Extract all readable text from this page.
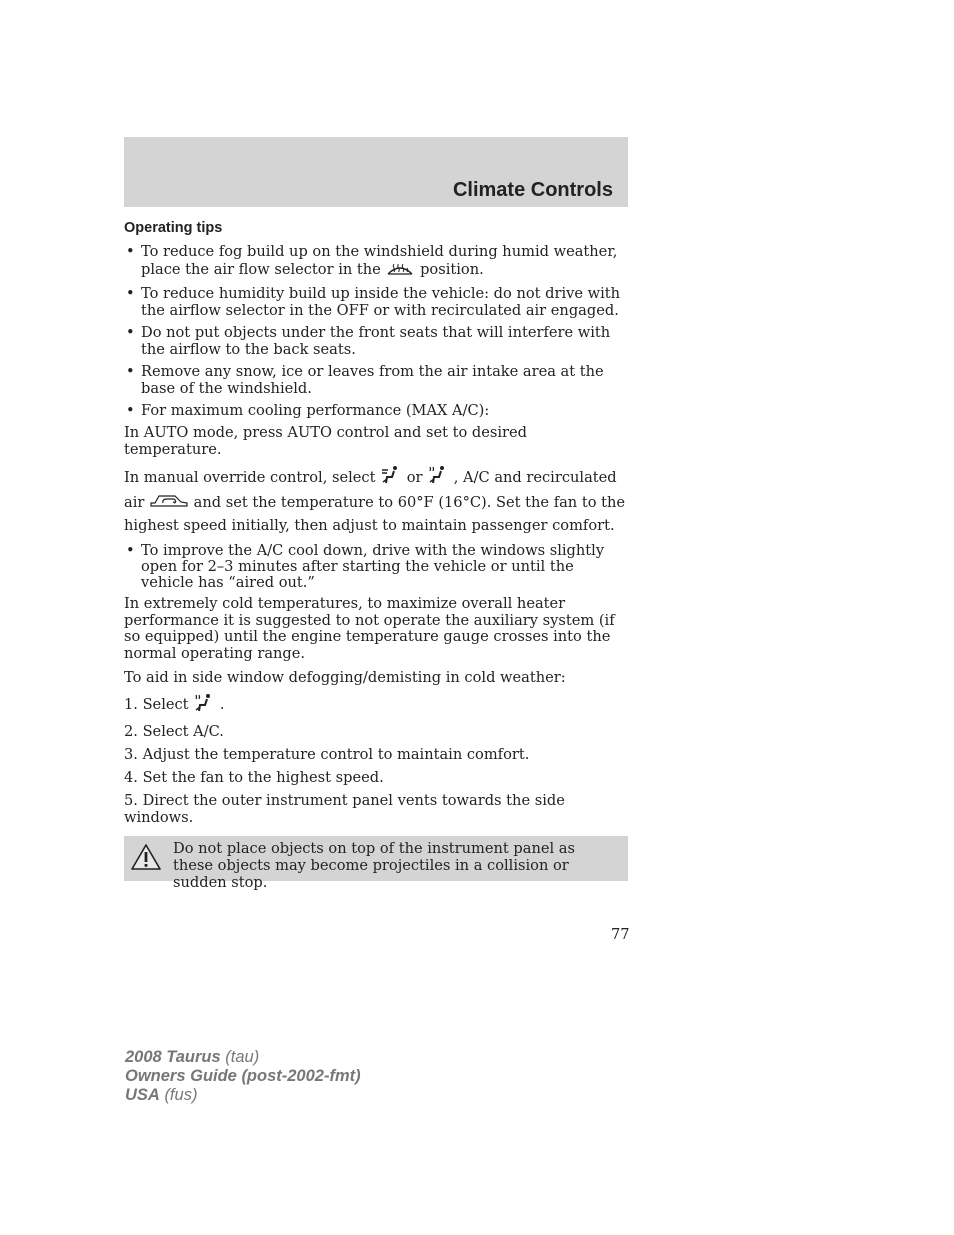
Climate Controls
Operating tips
• To reduce fog build up on the windshield during humid weather, place the air flow selector in the	position.
• To reduce humidity build up inside the vehicle: do not drive with the airflow selector in the OFF or with recirculated air engaged.
• Do not put objects under the front seats that will interfere with the airflow to the back seats.
• Remove any snow, ice or leaves from the air intake area at the base of the windshield.
• For maximum cooling performance (MAX A/C):

In AUTO mode, press AUTO control and set to desired temperature.

In manual override control, select or , A/C and recirculated air	and set the temperature to 60°F (16°C). Set the fan to the highest speed initially, then adjust to maintain passenger comfort.

• To improve the A/C cool down, drive with the windows slightly open for 2–3 minutes after starting the vehicle or until the vehicle has “aired out.”

In extremely cold temperatures, to maximize overall heater performance it is suggested to not operate the auxiliary system (if so equipped) until the engine temperature gauge crosses into the normal operating range.

To aid in side window defogging/demisting in cold weather:

1. Select .

2. Select A/C.

3. Adjust the temperature control to maintain comfort.

4. Set the fan to the highest speed.

5. Direct the outer instrument panel vents towards the side windows.

Do not place objects on top of the instrument panel as these objects may become projectiles in a collision or sudden stop.
77
2008 Taurus (tau)
Owners Guide (post-2002-fmt)
USA (fus)
